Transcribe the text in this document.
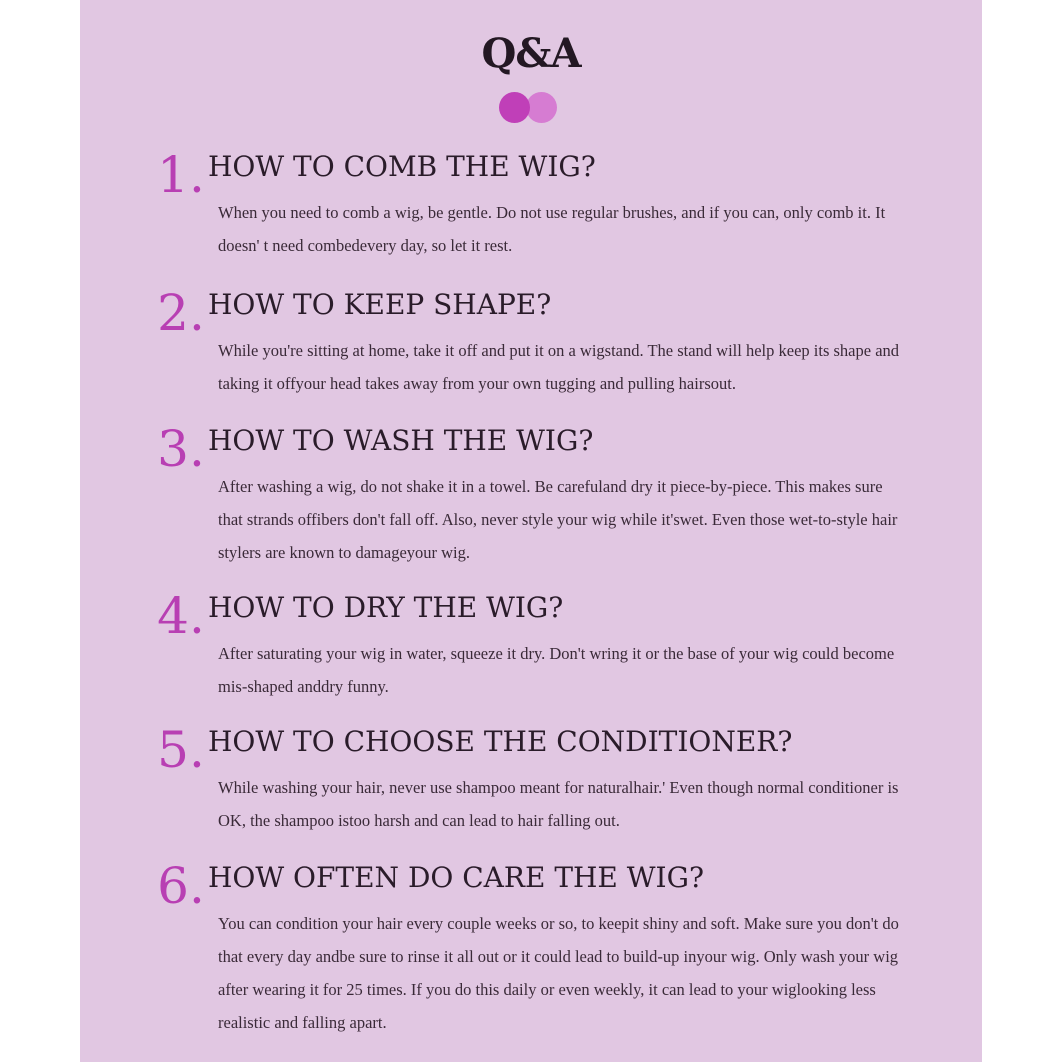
Q&A
1. HOW TO COMB THE WIG?
When you need to comb a wig, be gentle. Do not use regular brushes, and if you can, only comb it. It doesn' t need combedevery day, so let it rest.
2. HOW TO KEEP SHAPE?
While you're sitting at home, take it off and put it on a wigstand. The stand will help keep its shape and taking it offyour head takes away from your own tugging and pulling hairsout.
3. HOW TO WASH THE WIG?
After washing a wig, do not shake it in a towel. Be carefuland dry it piece-by-piece. This makes sure that strands offibers don't fall off. Also, never style your wig while it'swet. Even those wet-to-style hair stylers are known to damageyour wig.
4. HOW TO DRY THE WIG?
After saturating your wig in water, squeeze it dry. Don't wring it or the base of your wig could become mis-shaped anddry funny.
5. HOW TO CHOOSE THE CONDITIONER?
While washing your hair, never use shampoo meant for naturalhair.' Even though normal conditioner is OK, the shampoo istoo harsh and can lead to hair falling out.
6. HOW OFTEN DO CARE THE WIG?
You can condition your hair every couple weeks or so, to keepit shiny and soft. Make sure you don't do that every day andbe sure to rinse it all out or it could lead to build-up inyour wig. Only wash your wig after wearing it for 25 times. If you do this daily or even weekly, it can lead to your wiglooking less realistic and falling apart.
